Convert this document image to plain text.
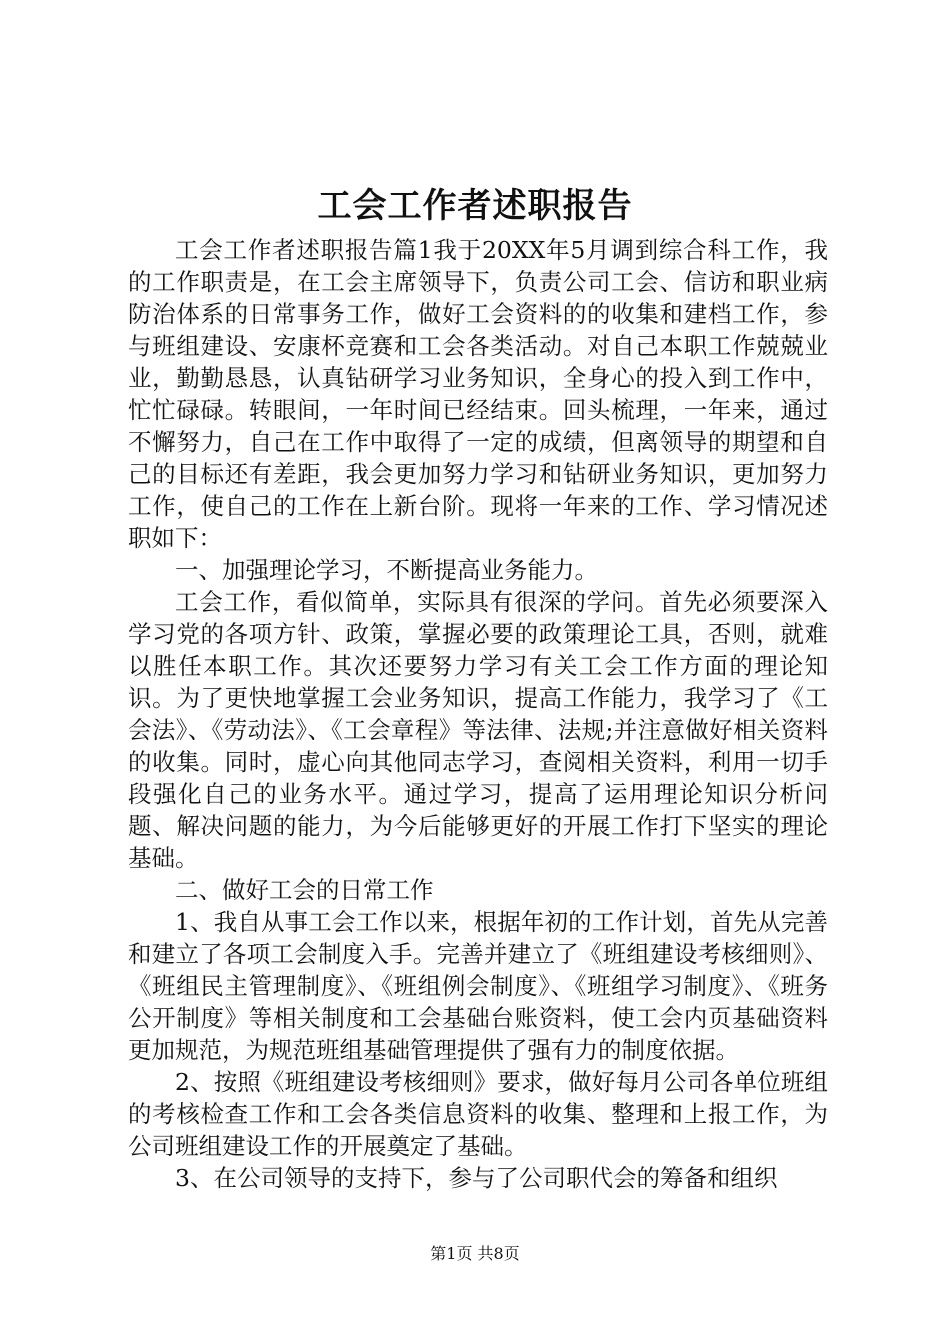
工会工作者述职报告

工会工作者述职报告篇1我于20XX年5月调到综合科工作，我的工作职责是，在工会主席领导下，负责公司工会、信访和职业病防治体系的日常事务工作，做好工会资料的的收集和建档工作，参与班组建设、安康杯竞赛和工会各类活动。对自己本职工作兢兢业业，勤勤恳恳，认真钻研学习业务知识，全身心的投入到工作中，忙忙碌碌。转眼间，一年时间已经结束。回头梳理，一年来，通过不懈努力，自己在工作中取得了一定的成绩，但离领导的期望和自己的目标还有差距，我会更加努力学习和钻研业务知识，更加努力工作，使自己的工作在上新台阶。现将一年来的工作、学习情况述职如下：

一、加强理论学习，不断提高业务能力。

工会工作，看似简单，实际具有很深的学问。首先必须要深入学习党的各项方针、政策，掌握必要的政策理论工具，否则，就难以胜任本职工作。其次还要努力学习有关工会工作方面的理论知识。为了更快地掌握工会业务知识，提高工作能力，我学习了《工会法》、《劳动法》、《工会章程》等法律、法规;并注意做好相关资料的收集。同时，虚心向其他同志学习，查阅相关资料，利用一切手段强化自己的业务水平。通过学习，提高了运用理论知识分析问题、解决问题的能力，为今后能够更好的开展工作打下坚实的理论基础。

二、做好工会的日常工作

1、我自从事工会工作以来，根据年初的工作计划，首先从完善和建立了各项工会制度入手。完善并建立了《班组建设考核细则》、《班组民主管理制度》、《班组例会制度》、《班组学习制度》、《班务公开制度》等相关制度和工会基础台账资料，使工会内页基础资料更加规范，为规范班组基础管理提供了强有力的制度依据。

2、按照《班组建设考核细则》要求，做好每月公司各单位班组的考核检查工作和工会各类信息资料的收集、整理和上报工作，为公司班组建设工作的开展奠定了基础。

3、在公司领导的支持下，参与了公司职代会的筹备和组织

第1页 共8页
